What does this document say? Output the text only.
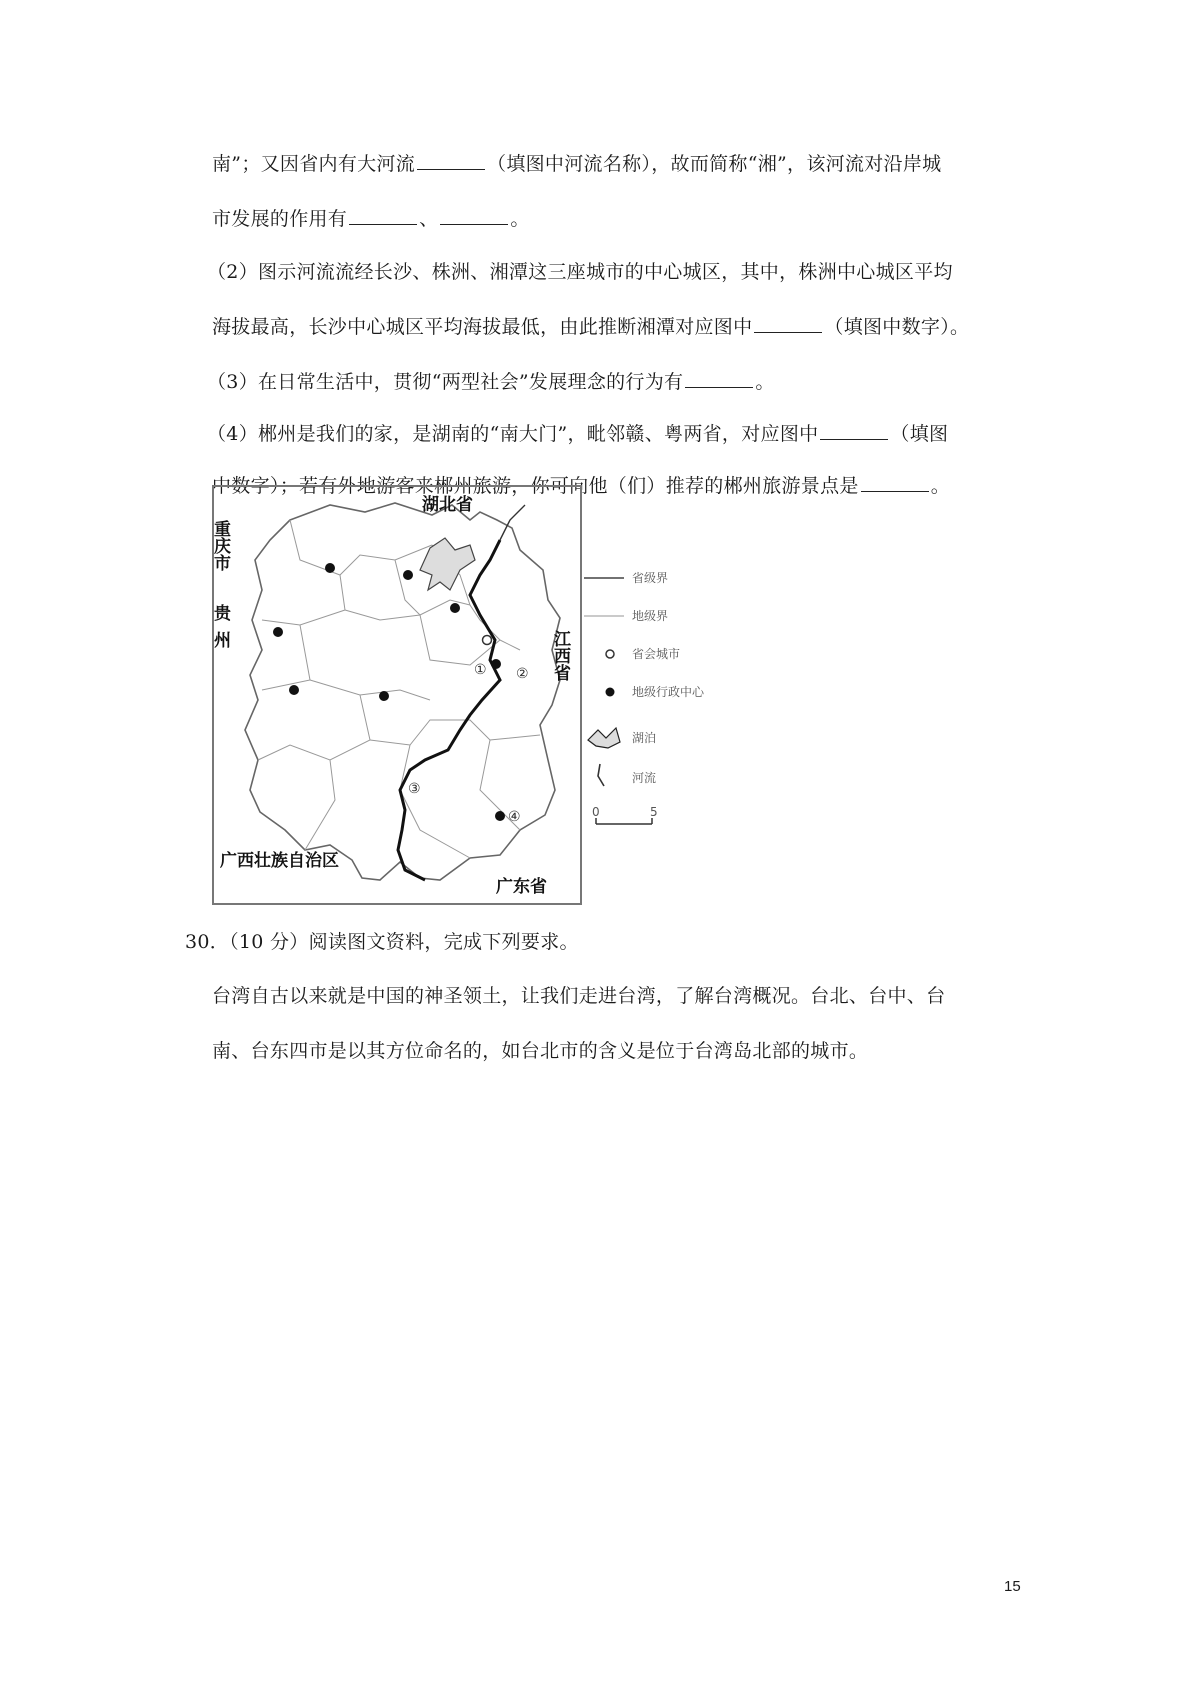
南”；又因省内有大河流	（填图中河流名称），故而简称“湘”，该河流对沿岸城
市发展的作用有	、	。
（2）图示河流流经长沙、株洲、湘潭这三座城市的中心城区，其中，株洲中心城区平均
海拔最高，长沙中心城区平均海拔最低，由此推断湘潭对应图中	（填图中数字）。
（3）在日常生活中，贯彻“两型社会”发展理念的行为有	。
（4）郴州是我们的家，是湖南的“南大门”，毗邻赣、粤两省，对应图中	（填图
中数字）；若有外地游客来郴州旅游，你可向他（们）推荐的郴州旅游景点是	。
① ②
③
④
湖北省
重庆市
贵州	江西省
广西壮族自治区
广东省
省级界
地级界
省会城市
地级行政中心
湖泊
河流
0	5
30．（10 分）阅读图文资料，完成下列要求。
台湾自古以来就是中国的神圣领土，让我们走进台湾，了解台湾概况。台北、台中、台
南、台东四市是以其方位命名的，如台北市的含义是位于台湾岛北部的城市。
15
